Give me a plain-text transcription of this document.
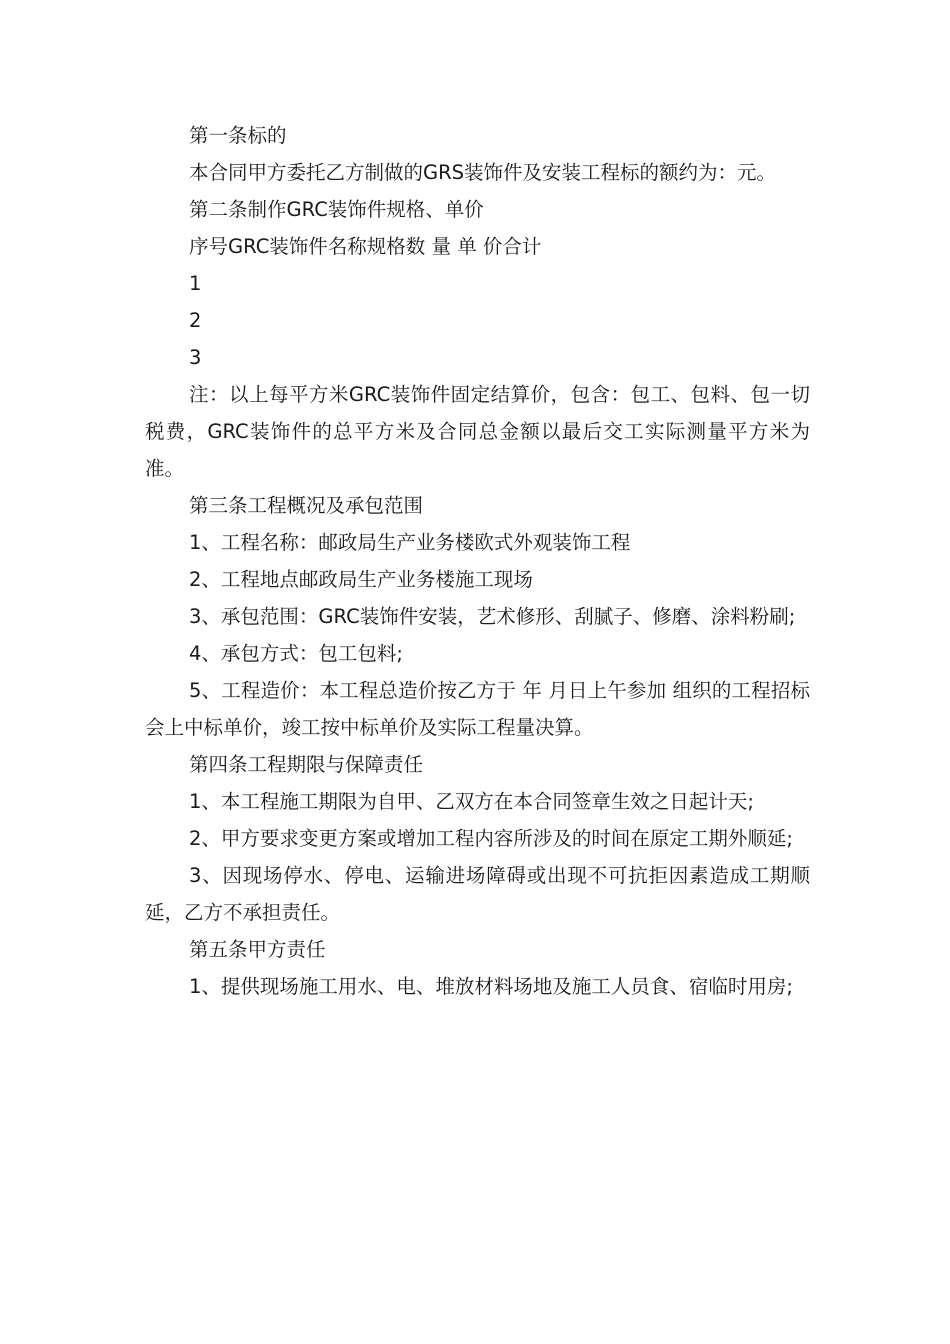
第一条标的

本合同甲方委托乙方制做的GRS装饰件及安装工程标的额约为：元。

第二条制作GRC装饰件规格、单价

序号GRC装饰件名称规格数 量 单 价合计

1

2

3

注：以上每平方米GRC装饰件固定结算价，包含：包工、包料、包一切税费，GRC装饰件的总平方米及合同总金额以最后交工实际测量平方米为准。

第三条工程概况及承包范围

1、工程名称：邮政局生产业务楼欧式外观装饰工程

2、工程地点邮政局生产业务楼施工现场

3、承包范围：GRC装饰件安装，艺术修形、刮腻子、修磨、涂料粉刷;

4、承包方式：包工包料;

5、工程造价：本工程总造价按乙方于 年 月日上午参加 组织的工程招标会上中标单价，竣工按中标单价及实际工程量决算。

第四条工程期限与保障责任

1、本工程施工期限为自甲、乙双方在本合同签章生效之日起计天;

2、甲方要求变更方案或增加工程内容所涉及的时间在原定工期外顺延;

3、因现场停水、停电、运输进场障碍或出现不可抗拒因素造成工期顺延，乙方不承担责任。

第五条甲方责任

1、提供现场施工用水、电、堆放材料场地及施工人员食、宿临时用房;
